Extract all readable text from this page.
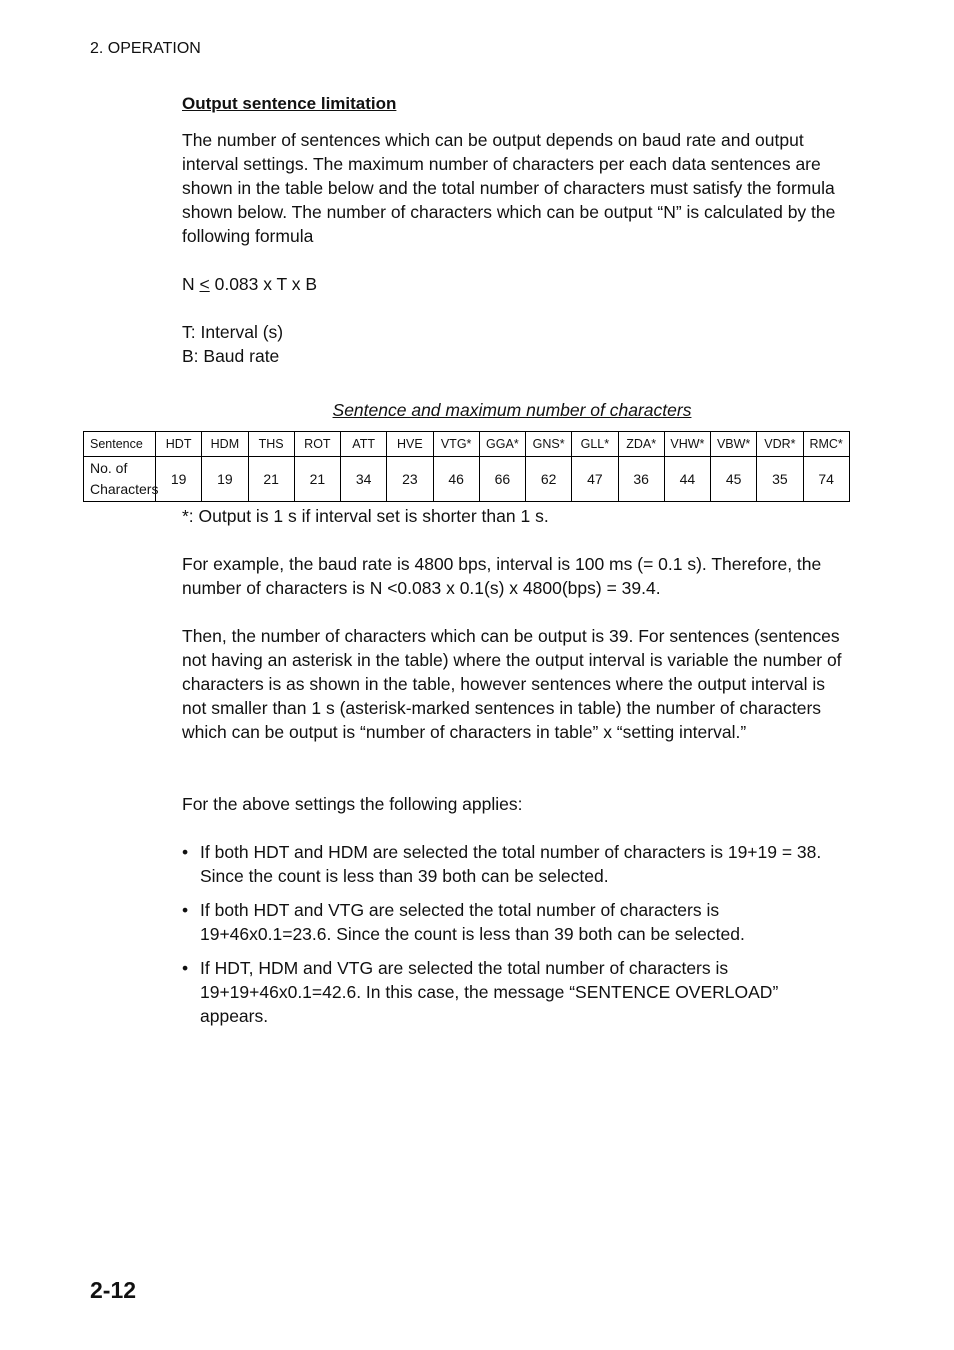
2. OPERATION
Output sentence limitation
The number of sentences which can be output depends on baud rate and output interval settings. The maximum number of characters per each data sentences are shown in the table below and the total number of characters must satisfy the formula shown below. The number of characters which can be output “N” is calculated by the following formula
N < 0.083 x T x B
T: Interval (s)
B: Baud rate
Sentence and maximum number of characters
Sentence	HDT	HDM	THS	ROT	ATT	HVE	VTG*	GGA*	GNS*	GLL*	ZDA*	VHW*	VBW*	VDR*	RMC*
No. of
Characters	19	19	21	21	34	23	46	66	62	47	36	44	45	35	74
*: Output is 1 s if interval set is shorter than 1 s.
For example, the baud rate is 4800 bps, interval is 100 ms (= 0.1 s). Therefore, the number of characters is N <0.083 x 0.1(s) x 4800(bps) = 39.4.
Then, the number of characters which can be output is 39. For sentences (sentences not having an asterisk in the table) where the output interval is variable the number of characters is as shown in the table, however sentences where the output interval is not smaller than 1 s (asterisk-marked sentences in table) the number of characters which can be output is “number of characters in table” x “setting interval.”
For the above settings the following applies:
• If both HDT and HDM are selected the total number of characters is 19+19 = 38. Since the count is less than 39 both can be selected.
• If both HDT and VTG are selected the total number of characters is 19+46x0.1=23.6. Since the count is less than 39 both can be selected.
• If HDT, HDM and VTG are selected the total number of characters is 19+19+46x0.1=42.6. In this case, the message “SENTENCE OVERLOAD” appears.
2-12
